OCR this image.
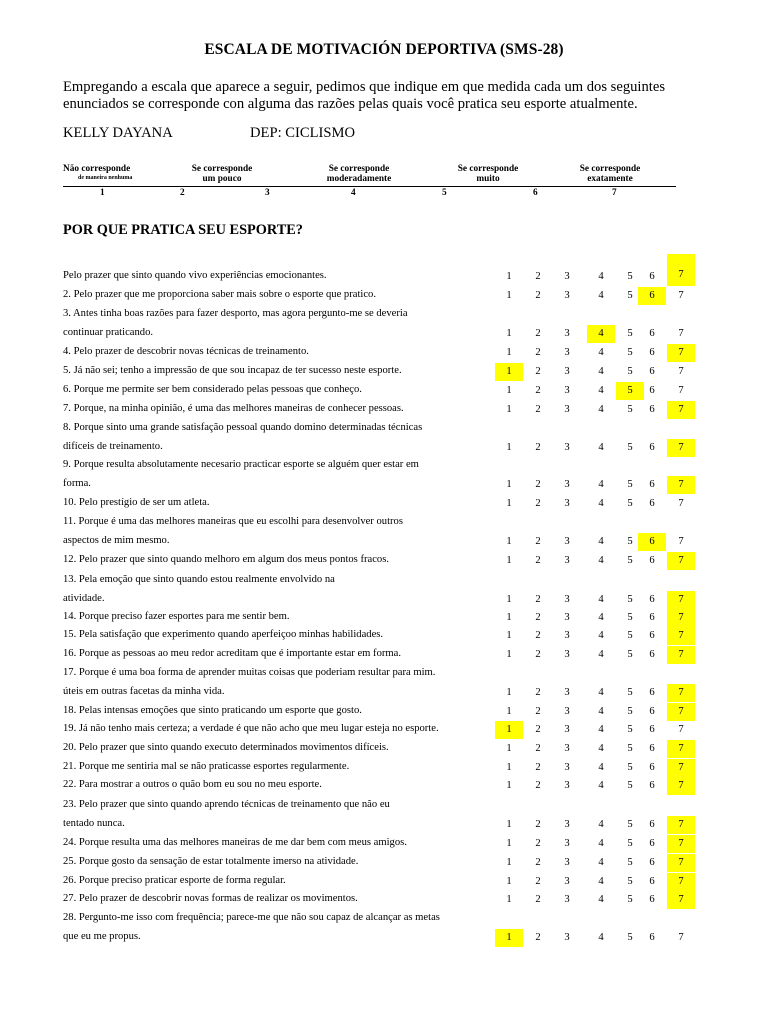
ESCALA DE MOTIVACIÓN DEPORTIVA (SMS-28)
Empregando a escala que aparece a seguir, pedimos que indique em que medida cada um dos seguintes
enunciados se corresponde con alguma das razões pelas quais você pratica seu esporte atualmente.
KELLY DAYANA	DEP: CICLISMO
Não corresponde
de maneira nenhuma
Se corresponde
um pouco
Se corresponde
moderadamente
Se corresponde
muito
Se corresponde
exatamente
1	2	3	4	5	6	7
POR QUE PRATICA SEU ESPORTE?
Pelo prazer que sinto quando vivo experiências emocionantes.	1	2	3	4	5	6	7
2. Pelo prazer que me proporciona saber mais sobre o esporte que pratico.	1	2	3	4	5	6	7
3. Antes tinha boas razões para fazer desporto, mas agora pergunto-me se deveria
continuar praticando.	1	2	3	4	5	6	7
4. Pelo prazer de descobrir novas técnicas de treinamento.	1	2	3	4	5	6	7
5. Já não sei; tenho a impressão de que sou incapaz de ter sucesso neste esporte.	1	2	3	4	5	6	7
6. Porque me permite ser bem considerado pelas pessoas que conheço.	1	2	3	4	5	6	7
7. Porque, na minha opinião, é uma das melhores maneiras de conhecer pessoas.	1	2	3	4	5	6	7
8. Porque sinto uma grande satisfação pessoal quando domino determinadas técnicas
difíceis de treinamento.	1	2	3	4	5	6	7
9. Porque resulta absolutamente necesario practicar esporte se alguém quer estar em
forma.	1	2	3	4	5	6	7
10. Pelo prestígio de ser um atleta.	1	2	3	4	5	6	7
11. Porque é uma das melhores maneiras que eu escolhi para desenvolver outros
aspectos de mim mesmo.	1	2	3	4	5	6	7
12. Pelo prazer que sinto quando melhoro em algum dos meus pontos fracos.	1	2	3	4	5	6	7
13. Pela emoção que sinto quando estou realmente envolvido na
atividade.	1	2	3	4	5	6	7
14. Porque preciso fazer esportes para me sentir bem.	1	2	3	4	5	6	7
15. Pela satisfação que experimento quando aperfeiçoo minhas habilidades.	1	2	3	4	5	6	7
16. Porque as pessoas ao meu redor acreditam que é importante estar em forma.	1	2	3	4	5	6	7
17. Porque é uma boa forma de aprender muitas coisas que poderiam resultar para mim.
úteis em outras facetas da minha vida.	1	2	3	4	5	6	7
18. Pelas intensas emoções que sinto praticando um esporte que gosto.	1	2	3	4	5	6	7
19. Já não tenho mais certeza; a verdade é que não acho que meu lugar esteja no esporte.	1	2	3	4	5	6	7
20. Pelo prazer que sinto quando executo determinados movimentos difíceis.	1	2	3	4	5	6	7
21. Porque me sentiria mal se não praticasse esportes regularmente.	1	2	3	4	5	6	7
22. Para mostrar a outros o quão bom eu sou no meu esporte.	1	2	3	4	5	6	7
23. Pelo prazer que sinto quando aprendo técnicas de treinamento que não eu
tentado nunca.	1	2	3	4	5	6	7
24. Porque resulta uma das melhores maneiras de me dar bem com meus amigos.	1	2	3	4	5	6	7
25. Porque gosto da sensação de estar totalmente imerso na atividade.	1	2	3	4	5	6	7
26. Porque preciso praticar esporte de forma regular.	1	2	3	4	5	6	7
27. Pelo prazer de descobrir novas formas de realizar os movimentos.	1	2	3	4	5	6	7
28. Pergunto-me isso com frequência; parece-me que não sou capaz de alcançar as metas
que eu me propus.	1	2	3	4	5	6	7
